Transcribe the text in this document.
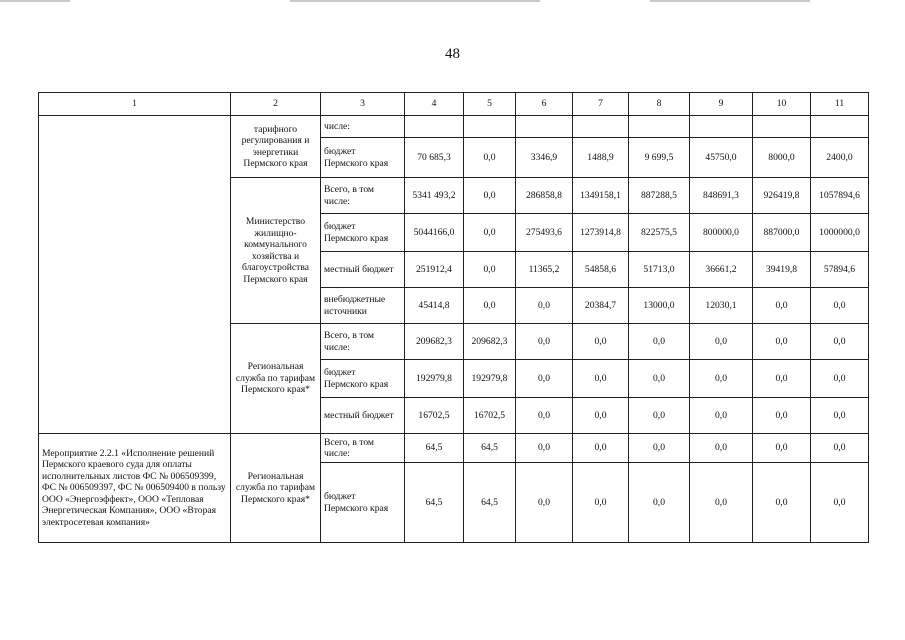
48
1	2	3	4	5	6	7	8	9	10	11
	тарифного регулирования и энергетики Пермского края	числе:								
		бюджет Пермского края	70 685,3	0,0	3346,9	1488,9	9 699,5	45750,0	8000,0	2400,0
	Министерство жилищно-коммунального хозяйства и благоустройства Пермского края	Всего, в том числе:	5341 493,2	0,0	286858,8	1349158,1	887288,5	848691,3	926419,8	1057894,6
		бюджет Пермского края	5044166,0	0,0	275493,6	1273914,8	822575,5	800000,0	887000,0	1000000,0
		местный бюджет	251912,4	0,0	11365,2	54858,6	51713,0	36661,2	39419,8	57894,6
		внебюджетные источники	45414,8	0,0	0,0	20384,7	13000,0	12030,1	0,0	0,0
	Региональная служба по тарифам Пермского края*	Всего, в том числе:	209682,3	209682,3	0,0	0,0	0,0	0,0	0,0	0,0
		бюджет Пермского края	192979,8	192979,8	0,0	0,0	0,0	0,0	0,0	0,0
		местный бюджет	16702,5	16702,5	0,0	0,0	0,0	0,0	0,0	0,0
Мероприятие 2.2.1 «Исполнение решений Пермского краевого суда для оплаты исполнительных листов ФС № 006509399, ФС № 006509397, ФС № 006509400 в пользу ООО «Энергоэффект», ООО «Тепловая Энергетическая Компания», ООО «Вторая электросетевая компания»	Региональная служба по тарифам Пермского края*	Всего, в том числе:	64,5	64,5	0,0	0,0	0,0	0,0	0,0	0,0
		бюджет Пермского края	64,5	64,5	0,0	0,0	0,0	0,0	0,0	0,0
